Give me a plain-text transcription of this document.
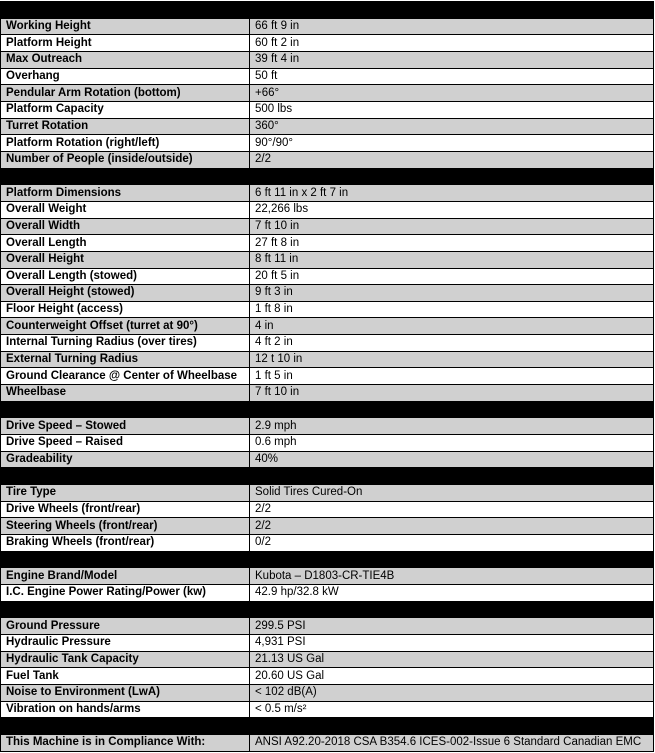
Capacities	
Working Height	66 ft 9 in
Platform Height	60 ft 2 in
Max Outreach	39 ft 4 in
Overhang	50 ft
Pendular Arm Rotation (bottom)	+66°
Platform Capacity	500 lbs
Turret Rotation	360°
Platform Rotation (right/left)	90°/90°
Number of People (inside/outside)	2/2
Weight and Dimensions	
Platform Dimensions	6 ft 11 in x 2 ft 7 in
Overall Weight	22,266 lbs
Overall Width	7 ft 10 in
Overall Length	27 ft 8 in
Overall Height	8 ft 11 in
Overall Length (stowed)	20 ft 5 in
Overall Height (stowed)	9 ft 3 in
Floor Height (access)	1 ft 8 in
Counterweight Offset (turret at 90°)	4 in
Internal Turning Radius (over tires)	4 ft 2 in
External Turning Radius	12 t 10 in
Ground Clearance @ Center of Wheelbase	1 ft 5 in
Wheelbase	7 ft 10 in
Performances	
Drive Speed – Stowed	2.9 mph
Drive Speed – Raised	0.6 mph
Gradeability	40%
Wheels	
Tire Type	Solid Tires Cured-On
Drive Wheels (front/rear)	2/2
Steering Wheels (front/rear)	2/2
Braking Wheels (front/rear)	0/2
Engine/Battery	
Engine Brand/Model	Kubota – D1803-CR-TIE4B
I.C. Engine Power Rating/Power (kw)	42.9 hp/32.8 kW
Miscellaneous	
Ground Pressure	299.5 PSI
Hydraulic Pressure	4,931 PSI
Hydraulic Tank Capacity	21.13 US Gal
Fuel Tank	20.60 US Gal
Noise to Environment (LwA)	< 102 dB(A)
Vibration on hands/arms	< 0.5 m/s²
Standards Compliance	
This Machine is in Compliance With:	ANSI A92.20-2018 CSA B354.6 ICES-002-Issue 6 Standard Canadian EMC
